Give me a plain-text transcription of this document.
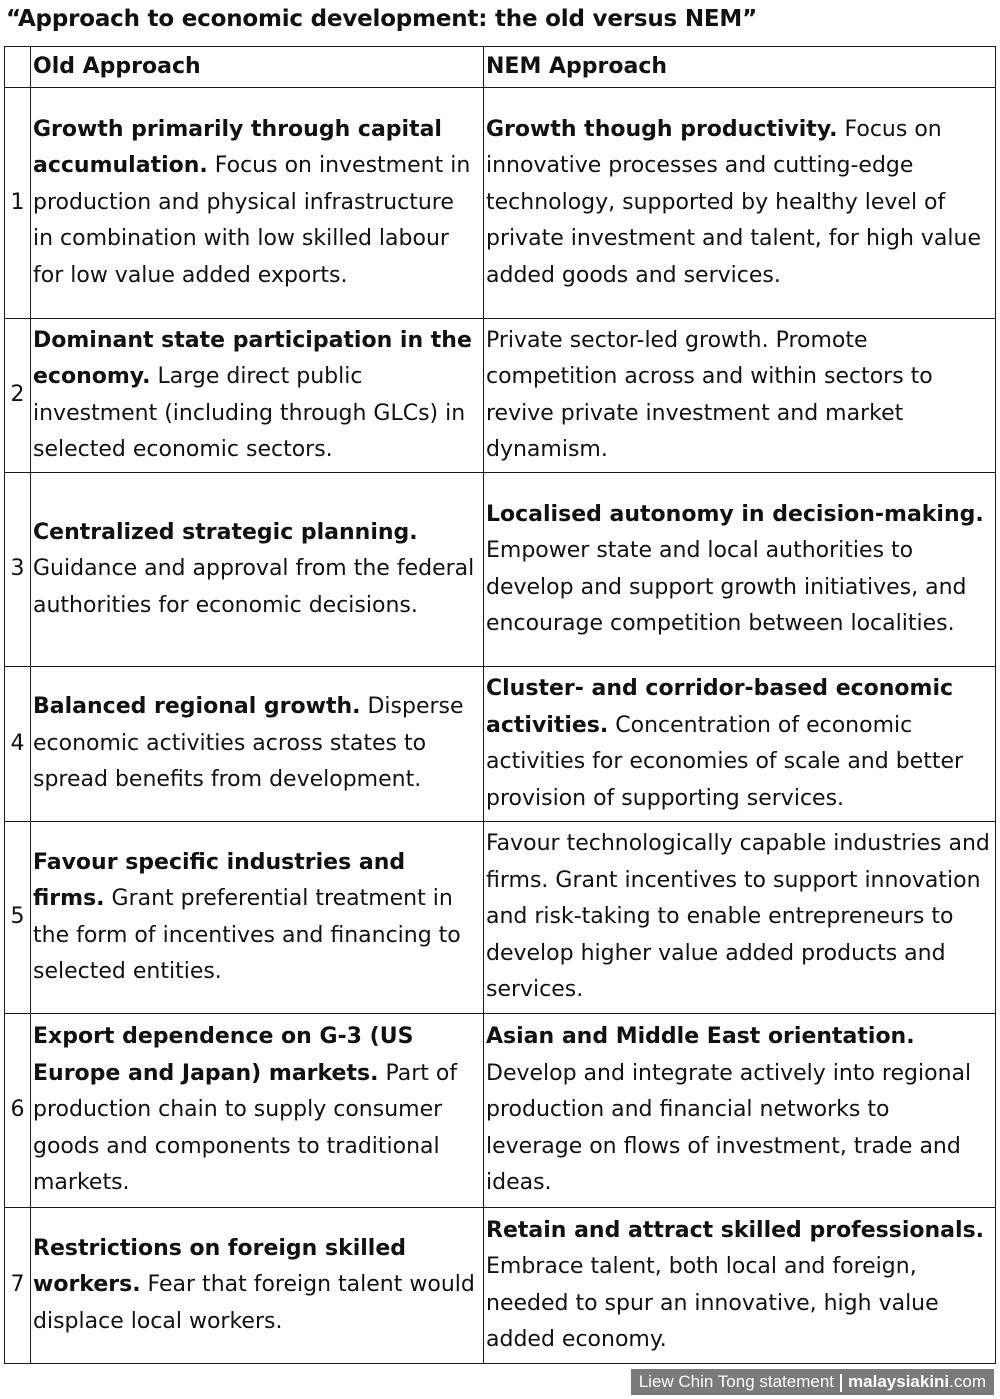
“Approach to economic development: the old versus NEM”
	Old Approach	NEM Approach
1	Growth primarily through capital accumulation. Focus on investment in production and physical infrastructure in combination with low skilled labour for low value added exports.	Growth though productivity. Focus on innovative processes and cutting-edge technology, supported by healthy level of private investment and talent, for high value added goods and services.
2	Dominant state participation in the economy. Large direct public investment (including through GLCs) in selected economic sectors.	Private sector-led growth. Promote competition across and within sectors to revive private investment and market dynamism.
3	Centralized strategic planning. Guidance and approval from the federal authorities for economic decisions.	Localised autonomy in decision-making. Empower state and local authorities to develop and support growth initiatives, and encourage competition between localities.
4	Balanced regional growth. Disperse economic activities across states to spread benefits from development.	Cluster- and corridor-based economic activities. Concentration of economic activities for economies of scale and better provision of supporting services.
5	Favour specific industries and firms. Grant preferential treatment in the form of incentives and financing to selected entities.	Favour technologically capable industries and firms. Grant incentives to support innovation and risk-taking to enable entrepreneurs to develop higher value added products and services.
6	Export dependence on G-3 (US Europe and Japan) markets. Part of production chain to supply consumer goods and components to traditional markets.	Asian and Middle East orientation. Develop and integrate actively into regional production and financial networks to leverage on flows of investment, trade and ideas.
7	Restrictions on foreign skilled workers. Fear that foreign talent would displace local workers.	Retain and attract skilled professionals. Embrace talent, both local and foreign, needed to spur an innovative, high value added economy.
Liew Chin Tong statement malaysiakini.com
